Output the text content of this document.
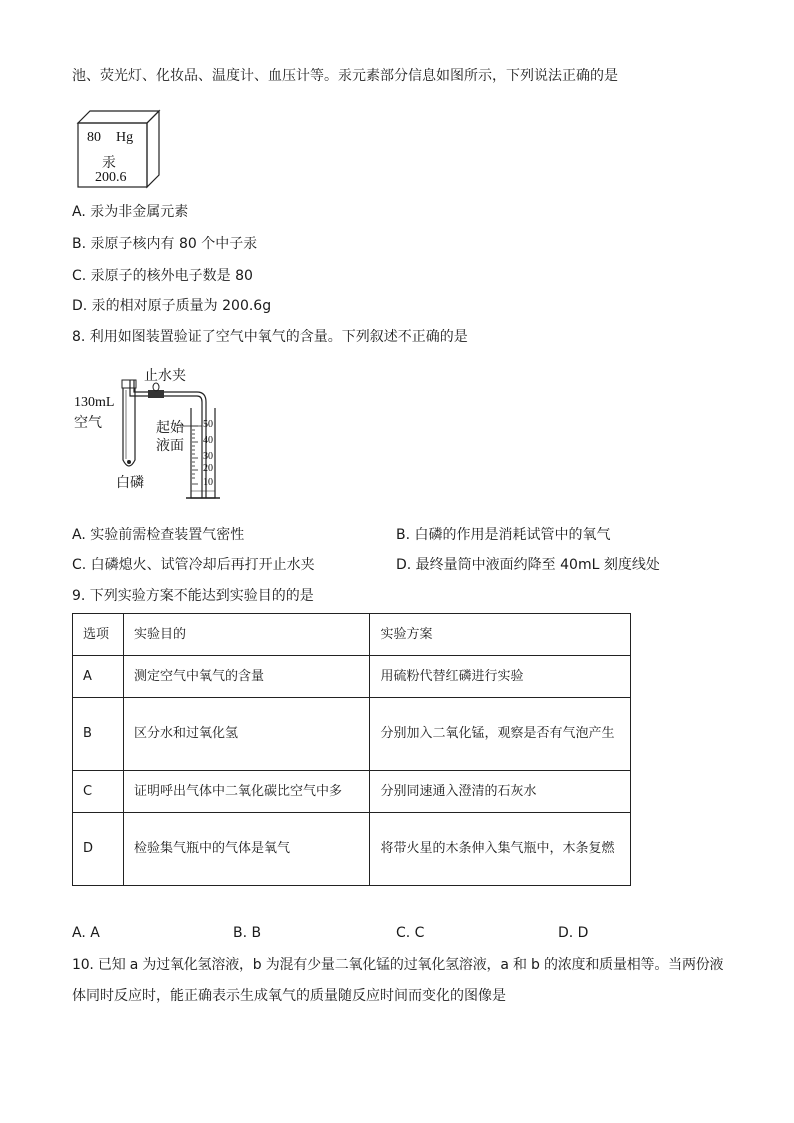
池、荧光灯、化妆品、温度计、血压计等。汞元素部分信息如图所示，下列说法正确的是
80 Hg
汞
200.6
A. 汞为非金属元素
B. 汞原子核内有 80 个中子汞
C. 汞原子的核外电子数是 80
D. 汞的相对原子质量为 200.6g
8. 利用如图装置验证了空气中氧气的含量。下列叙述不正确的是
止水夹
130mL
空气	起始
液面
白磷
50
40
30
20
10
A. 实验前需检查装置气密性	B. 白磷的作用是消耗试管中的氧气
C. 白磷熄火、试管冷却后再打开止水夹	D. 最终量筒中液面约降至 40mL 刻度线处
9. 下列实验方案不能达到实验目的的是
选项	实验目的	实验方案
A	测定空气中氧气的含量	用硫粉代替红磷进行实验
B	区分水和过氧化氢	分别加入二氧化锰，观察是否有气泡产生
C	证明呼出气体中二氧化碳比空气中多	分别同速通入澄清的石灰水
D	检验集气瓶中的气体是氧气	将带火星的木条伸入集气瓶中，木条复燃
A. A	B. B	C. C	D. D
10. 已知 a 为过氧化氢溶液，b 为混有少量二氧化锰的过氧化氢溶液，a 和 b 的浓度和质量相等。当两份液
体同时反应时，能正确表示生成氧气的质量随反应时间而变化的图像是
